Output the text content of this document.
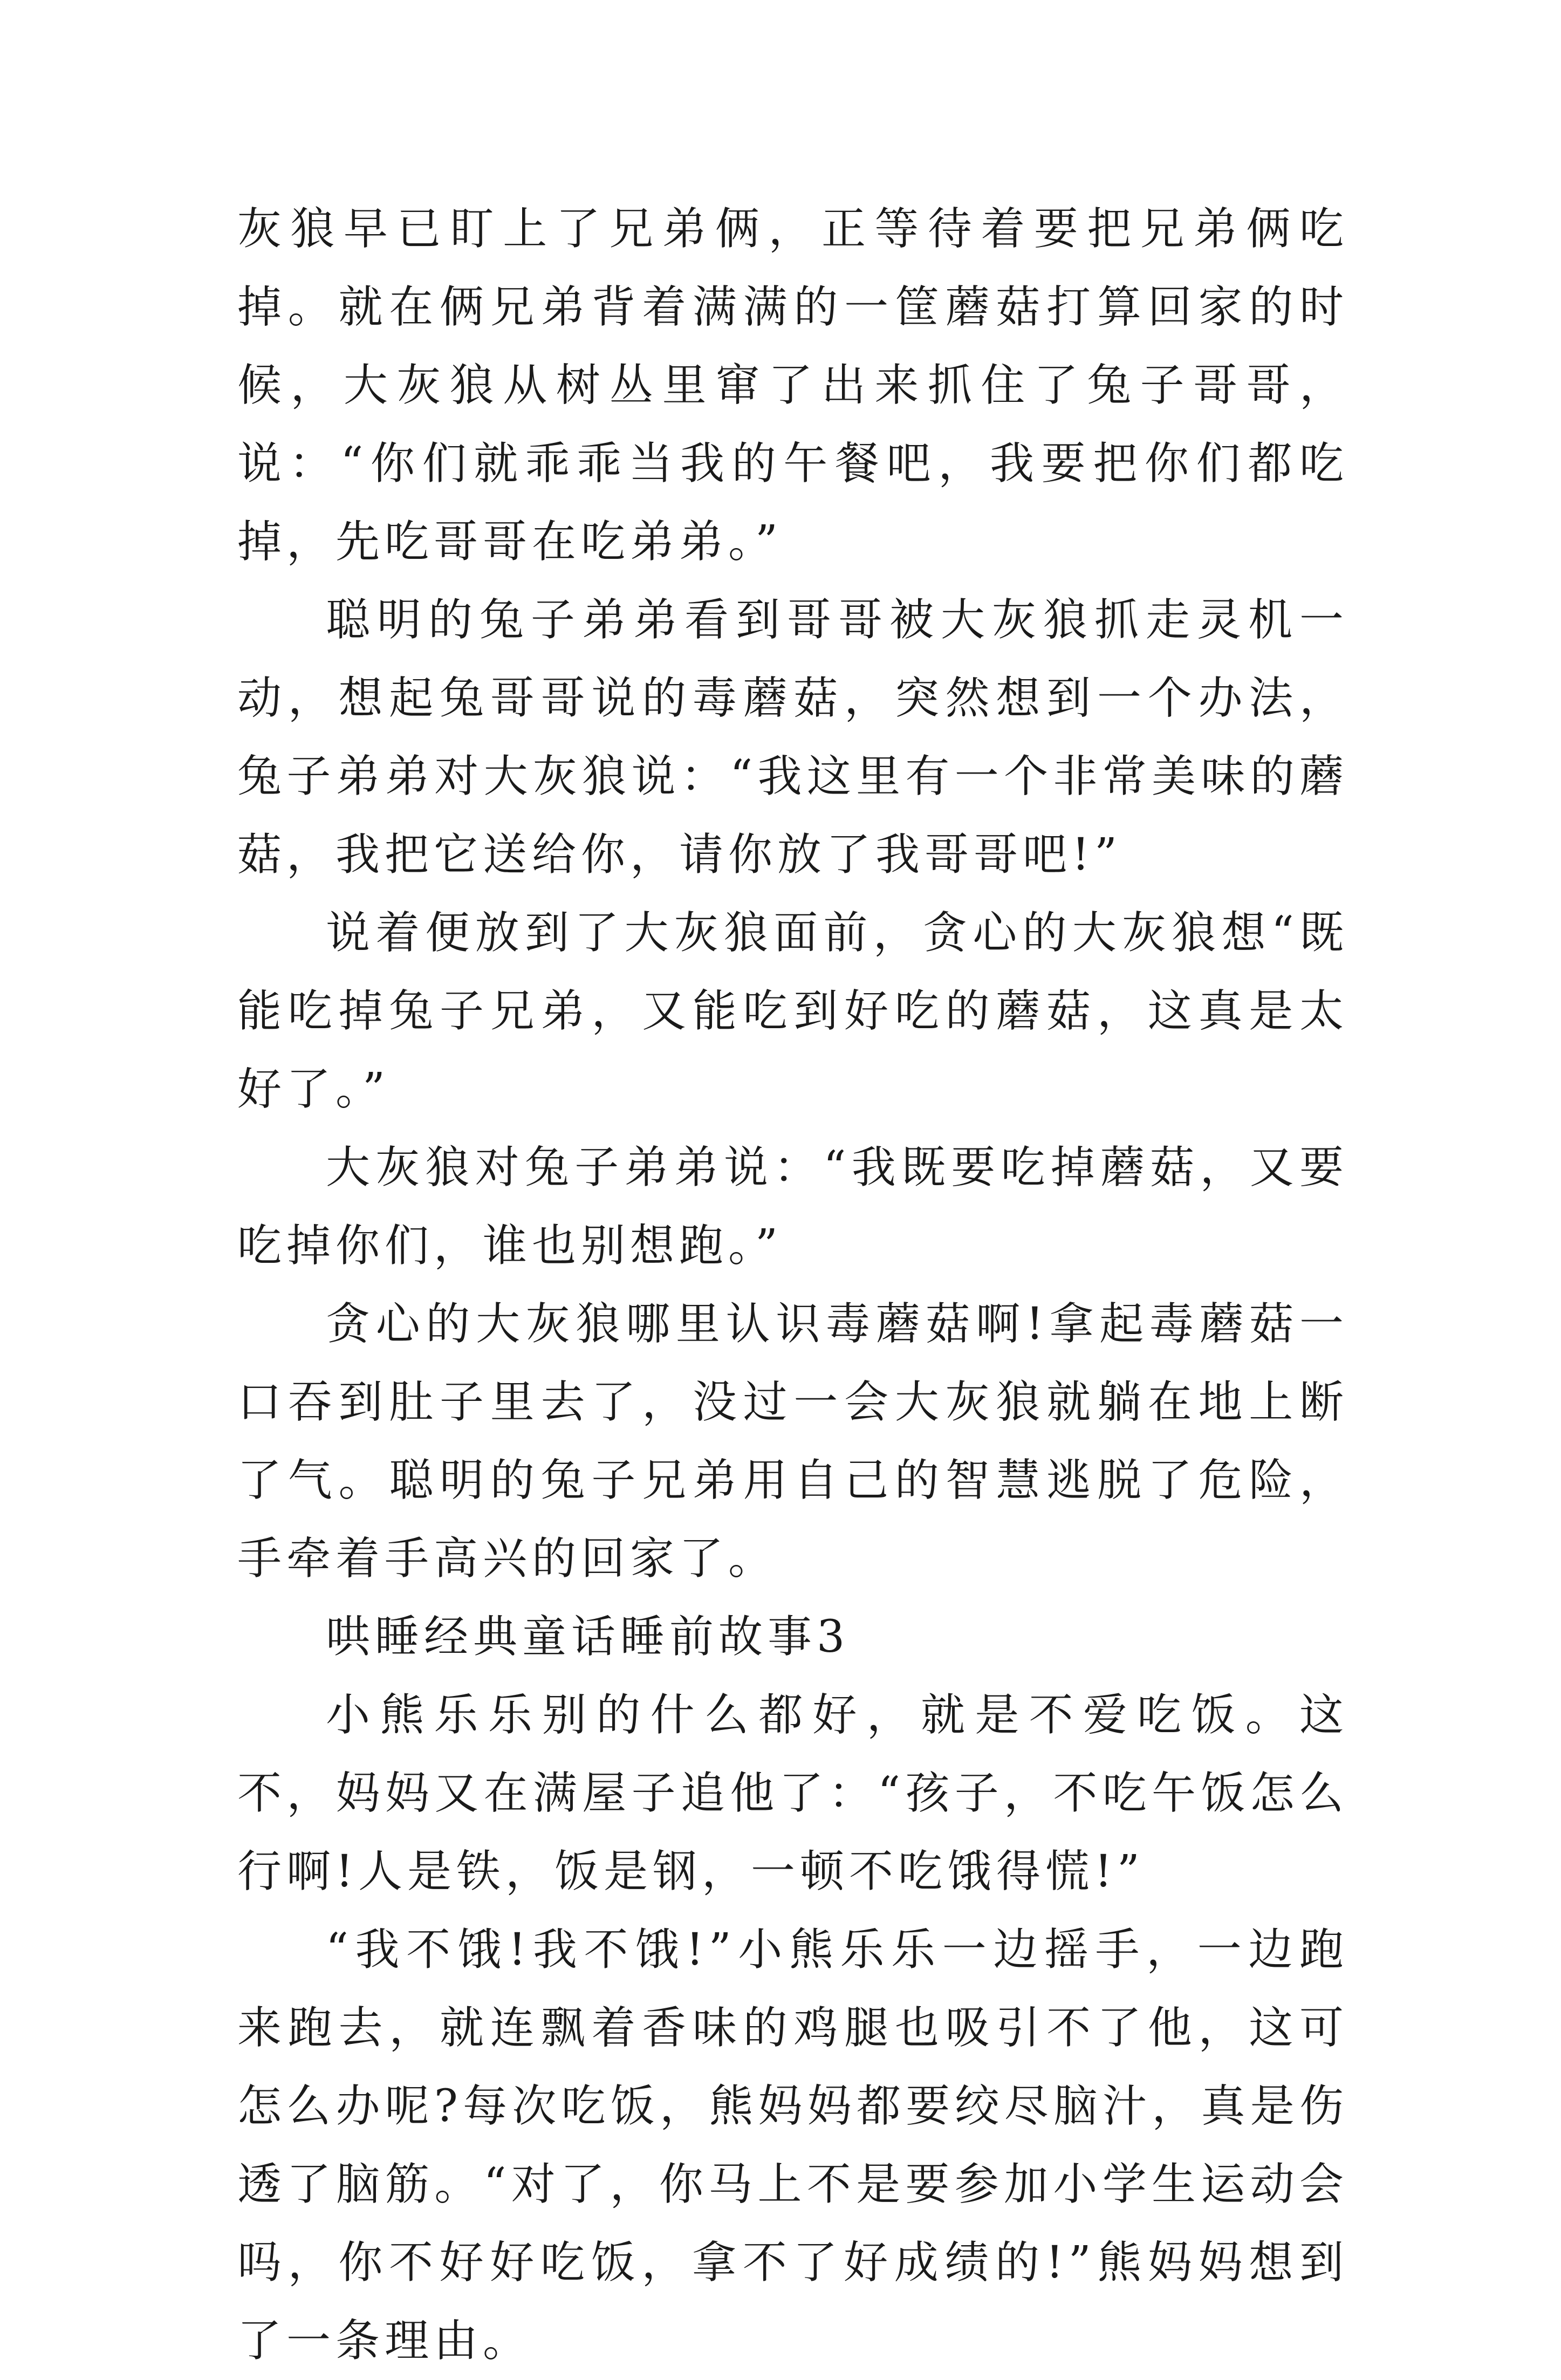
灰狼早已盯上了兄弟俩，正等待着要把兄弟俩吃掉。就在俩兄弟背着满满的一筐蘑菇打算回家的时候，大灰狼从树丛里窜了出来抓住了兔子哥哥，说：“你们就乖乖当我的午餐吧，我要把你们都吃掉，先吃哥哥在吃弟弟。”

聪明的兔子弟弟看到哥哥被大灰狼抓走灵机一动，想起兔哥哥说的毒蘑菇，突然想到一个办法，兔子弟弟对大灰狼说：“我这里有一个非常美味的蘑菇，我把它送给你，请你放了我哥哥吧!”

说着便放到了大灰狼面前，贪心的大灰狼想“既能吃掉兔子兄弟，又能吃到好吃的蘑菇，这真是太好了。”

大灰狼对兔子弟弟说：“我既要吃掉蘑菇，又要吃掉你们，谁也别想跑。”

贪心的大灰狼哪里认识毒蘑菇啊!拿起毒蘑菇一口吞到肚子里去了，没过一会大灰狼就躺在地上断了气。聪明的兔子兄弟用自己的智慧逃脱了危险，手牵着手高兴的回家了。

哄睡经典童话睡前故事3

小熊乐乐别的什么都好，就是不爱吃饭。这不，妈妈又在满屋子追他了：“孩子，不吃午饭怎么行啊!人是铁，饭是钢，一顿不吃饿得慌!”

“我不饿!我不饿!”小熊乐乐一边摇手，一边跑来跑去，就连飘着香味的鸡腿也吸引不了他，这可怎么办呢?每次吃饭，熊妈妈都要绞尽脑汁，真是伤透了脑筋。“对了，你马上不是要参加小学生运动会吗，你不好好吃饭，拿不了好成绩的!”熊妈妈想到了一条理由。
